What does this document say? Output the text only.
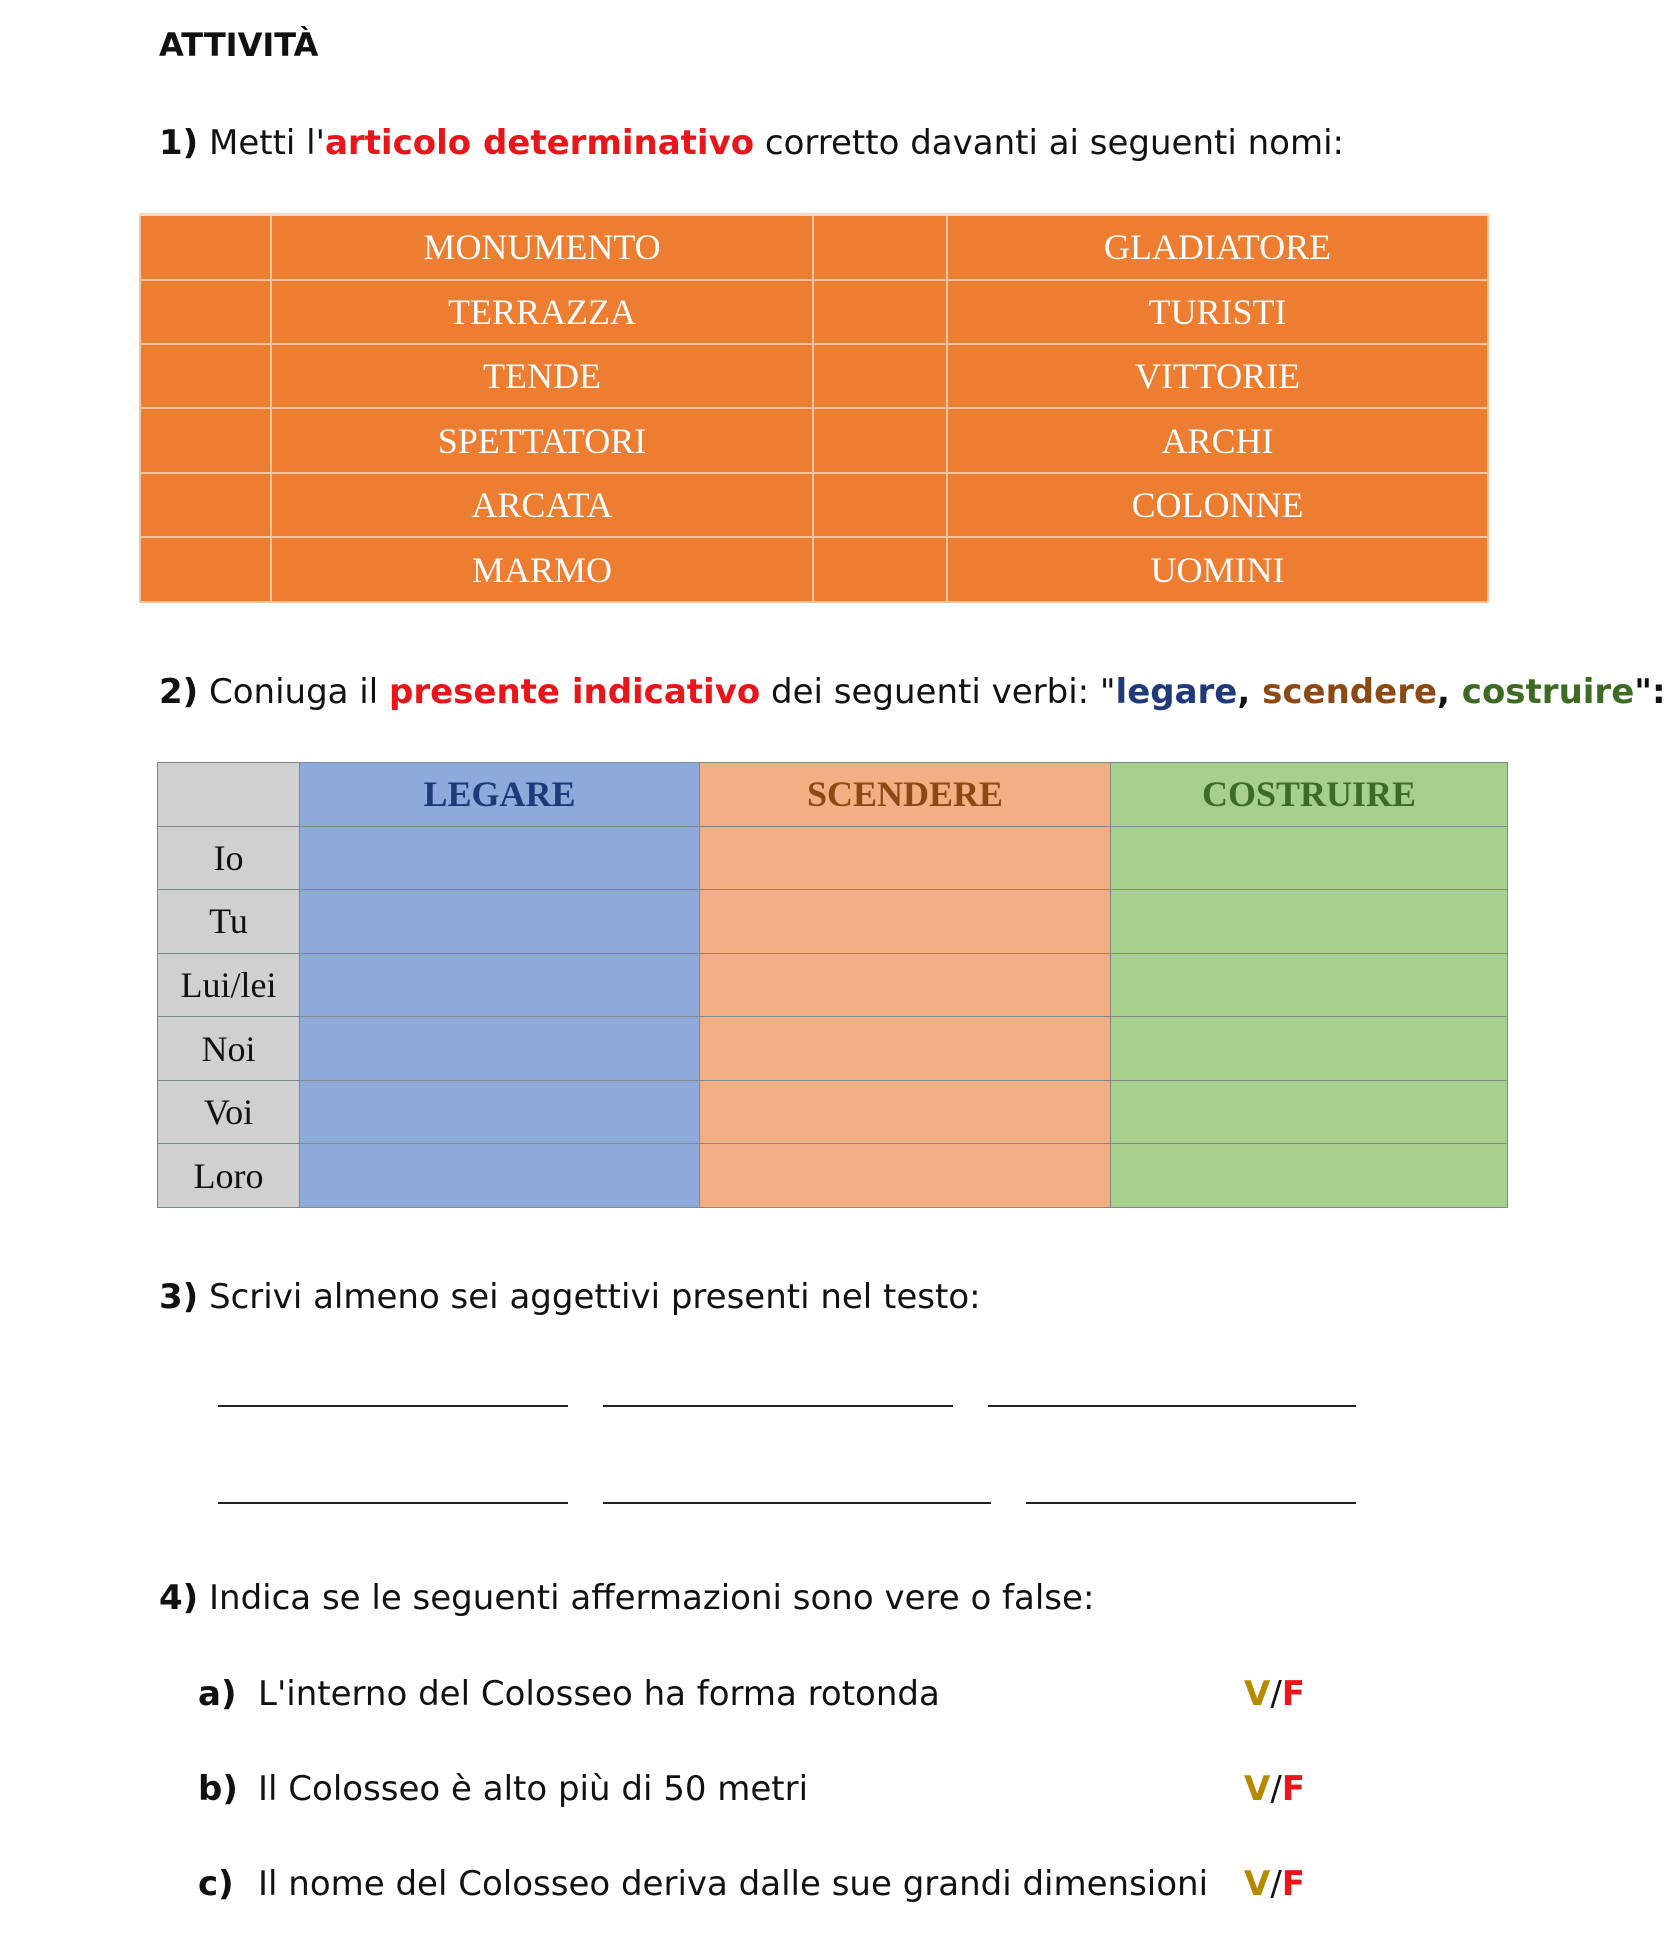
ATTIVITÀ
1) Metti l'articolo determinativo corretto davanti ai seguenti nomi:
	MONUMENTO		GLADIATORE
	TERRAZZA		TURISTI
	TENDE		VITTORIE
	SPETTATORI		ARCHI
	ARCATA		COLONNE
	MARMO		UOMINI
2) Coniuga il presente indicativo dei seguenti verbi: "legare, scendere, costruire":
	LEGARE	SCENDERE	COSTRUIRE
Io			
Tu			
Lui/lei			
Noi			
Voi			
Loro			
3) Scrivi almeno sei aggettivi presenti nel testo:
4) Indica se le seguenti affermazioni sono vere o false:
a) L'interno del Colosseo ha forma rotonda	V/F
b) Il Colosseo è alto più di 50 metri	V/F
c) Il nome del Colosseo deriva dalle sue grandi dimensioni V/F
